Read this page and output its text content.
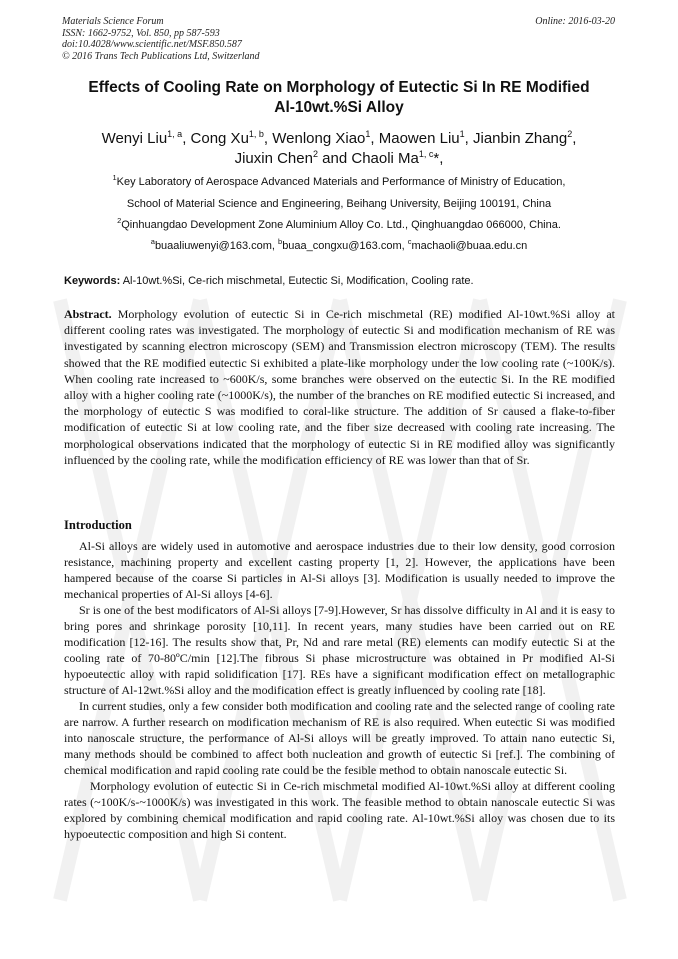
Materials Science Forum
ISSN: 1662-9752, Vol. 850, pp 587-593
doi:10.4028/www.scientific.net/MSF.850.587
© 2016 Trans Tech Publications Ltd, Switzerland
Online: 2016-03-20
Effects of Cooling Rate on Morphology of Eutectic Si In RE Modified
Al-10wt.%Si Alloy
Wenyi Liu$^{1, a}$, Cong Xu$^{1, b}$, Wenlong Xiao$^1$, Maowen Liu$^1$, Jianbin Zhang$^2$,
Jiuxin Chen$^2$ and Chaoli Ma$^{1, c}$*,
$^1$Key Laboratory of Aerospace Advanced Materials and Performance of Ministry of Education,
School of Material Science and Engineering, Beihang University, Beijing 100191, China
$^2$Qinhuangdao Development Zone Aluminium Alloy Co. Ltd., Qinghuangdao 066000, China.
$^a$buaaliuwenyi@163.com, $^b$buaa_congxu@163.com, $^c$machaoli@buaa.edu.cn
Keywords: Al-10wt.%Si, Ce-rich mischmetal, Eutectic Si, Modification, Cooling rate.

Abstract. Morphology evolution of eutectic Si in Ce-rich mischmetal (RE) modified Al-10wt.%Si alloy at different cooling rates was investigated. The morphology of eutectic Si and modification mechanism of RE was investigated by scanning electron microscopy (SEM) and Transmission electron microscopy (TEM). The results showed that the RE modified eutectic Si exhibited a plate-like morphology under the low cooling rate (~100K/s). When cooling rate increased to ~600K/s, some branches were observed on the eutectic Si. In the RE modified alloy with a higher cooling rate (~1000K/s), the number of the branches on RE modified eutectic Si increased, and the morphology of eutectic S was modified to coral-like structure. The addition of Sr caused a flake-to-fiber modification of eutectic Si at low cooling rate, and the fiber size decreased with cooling rate increasing. The morphological observations indicated that the morphology of eutectic Si in RE modified alloy was significantly influenced by the cooling rate, while the modification efficiency of RE was lower than that of Sr.

Introduction

Al-Si alloys are widely used in automotive and aerospace industries due to their low density, good corrosion resistance, machining property and excellent casting property [1, 2]. However, the applications have been hampered because of the coarse Si particles in Al-Si alloys [3]. Modification is usually needed to improve the mechanical properties of Al-Si alloys [4-6].

Sr is one of the best modificators of Al-Si alloys [7-9].However, Sr has dissolve difficulty in Al and it is easy to bring pores and shrinkage porosity [10,11]. In recent years, many studies have been carried out on RE modification [12-16]. The results show that, Pr, Nd and rare metal (RE) elements can modify eutectic Si at the cooling rate of 70-80ºC/min [12].The fibrous Si phase microstructure was obtained in Pr modified Al-Si hypoeutectic alloy with rapid solidification [17]. REs have a significant modification effect on metallographic structure of Al-12wt.%Si alloy and the modification effect is greatly influenced by cooling rate [18].

In current studies, only a few consider both modification and cooling rate and the selected range of cooling rate are narrow. A further research on modification mechanism of RE is also required. When eutectic Si was modified into nanoscale structure, the performance of Al-Si alloys will be greatly improved. To attain nano eutectic Si, many methods should be combined to affect both nucleation and growth of eutectic Si [ref.]. The combining of chemical modification and rapid cooling rate could be the fesible method to obtain nanoscale eutectic Si.

Morphology evolution of eutectic Si in Ce-rich mischmetal modified Al-10wt.%Si alloy at different cooling rates (~100K/s-~1000K/s) was investigated in this work. The feasible method to obtain nanoscale eutectic Si was explored by combining chemical modification and rapid cooling rate. Al-10wt.%Si alloy was chosen due to its hypoeutectic composition and high Si content.
